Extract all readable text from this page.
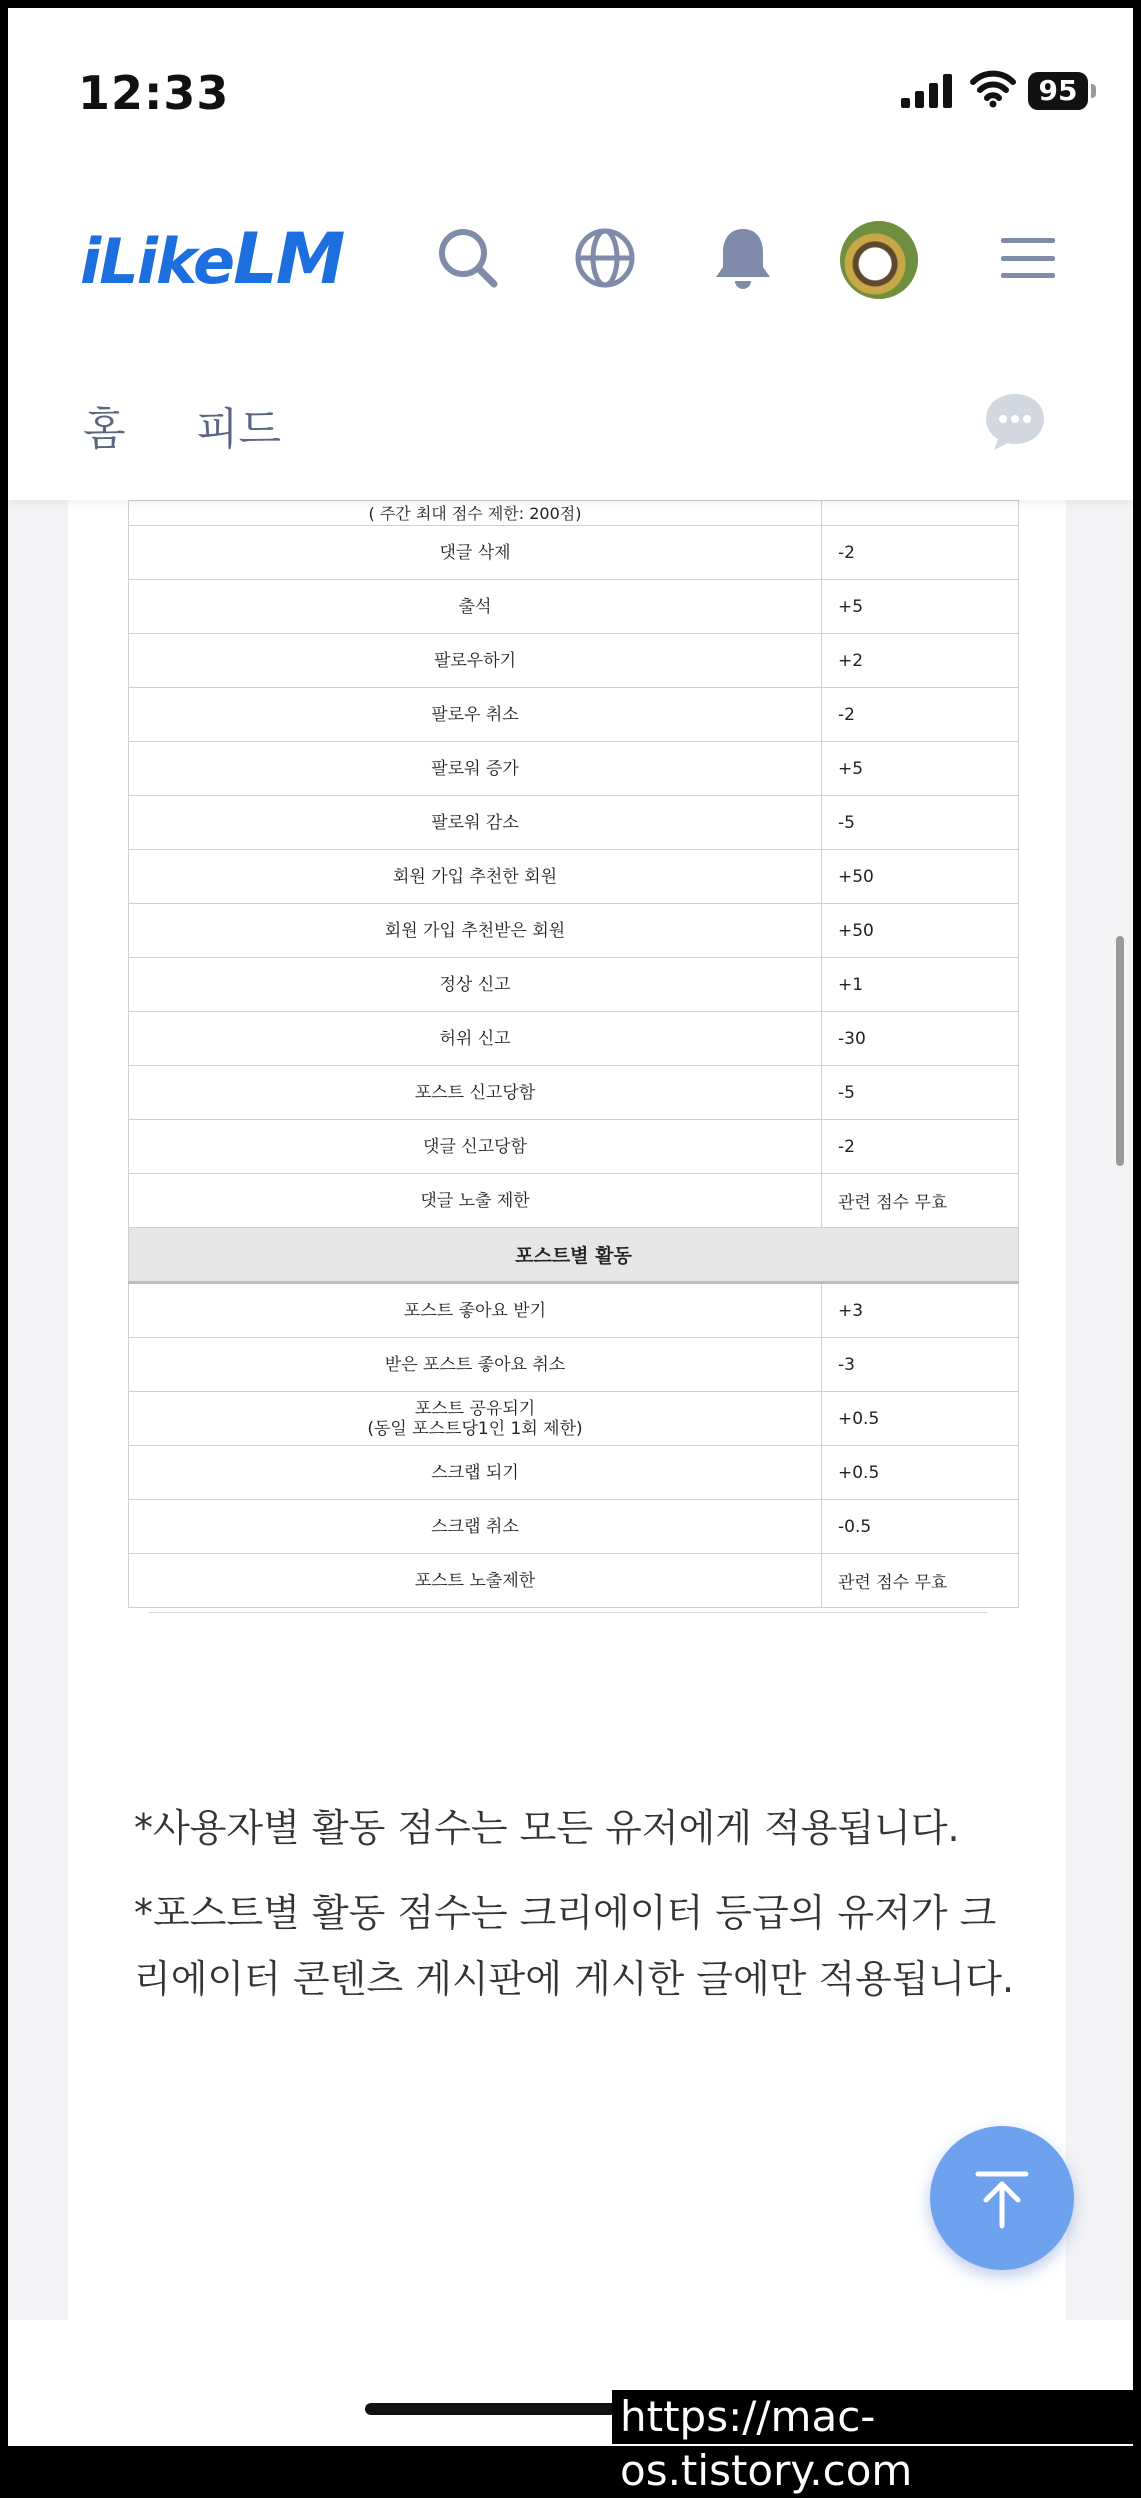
12:33	95
iLikeLM
홈 피드
( 주간 최대 점수 제한: 200점)	
댓글 삭제	-2
출석	+5
팔로우하기	+2
팔로우 취소	-2
팔로워 증가	+5
팔로워 감소	-5
회원 가입 추천한 회원	+50
회원 가입 추천받은 회원	+50
정상 신고	+1
허위 신고	-30
포스트 신고당함	-5
댓글 신고당함	-2
댓글 노출 제한	관련 점수 무효
포스트별 활동	
포스트 좋아요 받기	+3
받은 포스트 좋아요 취소	-3

포스트 공유되기
(동일 포스트당1인 1회 제한)	+0.5
스크랩 되기	+0.5
스크랩 취소	-0.5
포스트 노출제한	관련 점수 무효
*사용자별 활동 점수는 모든 유저에게 적용됩니다.
*포스트별 활동 점수는 크리에이터 등급의 유저가 크
리에이터 콘텐츠 게시판에 게시한 글에만 적용됩니다.
https://mac-os.tistory.com
